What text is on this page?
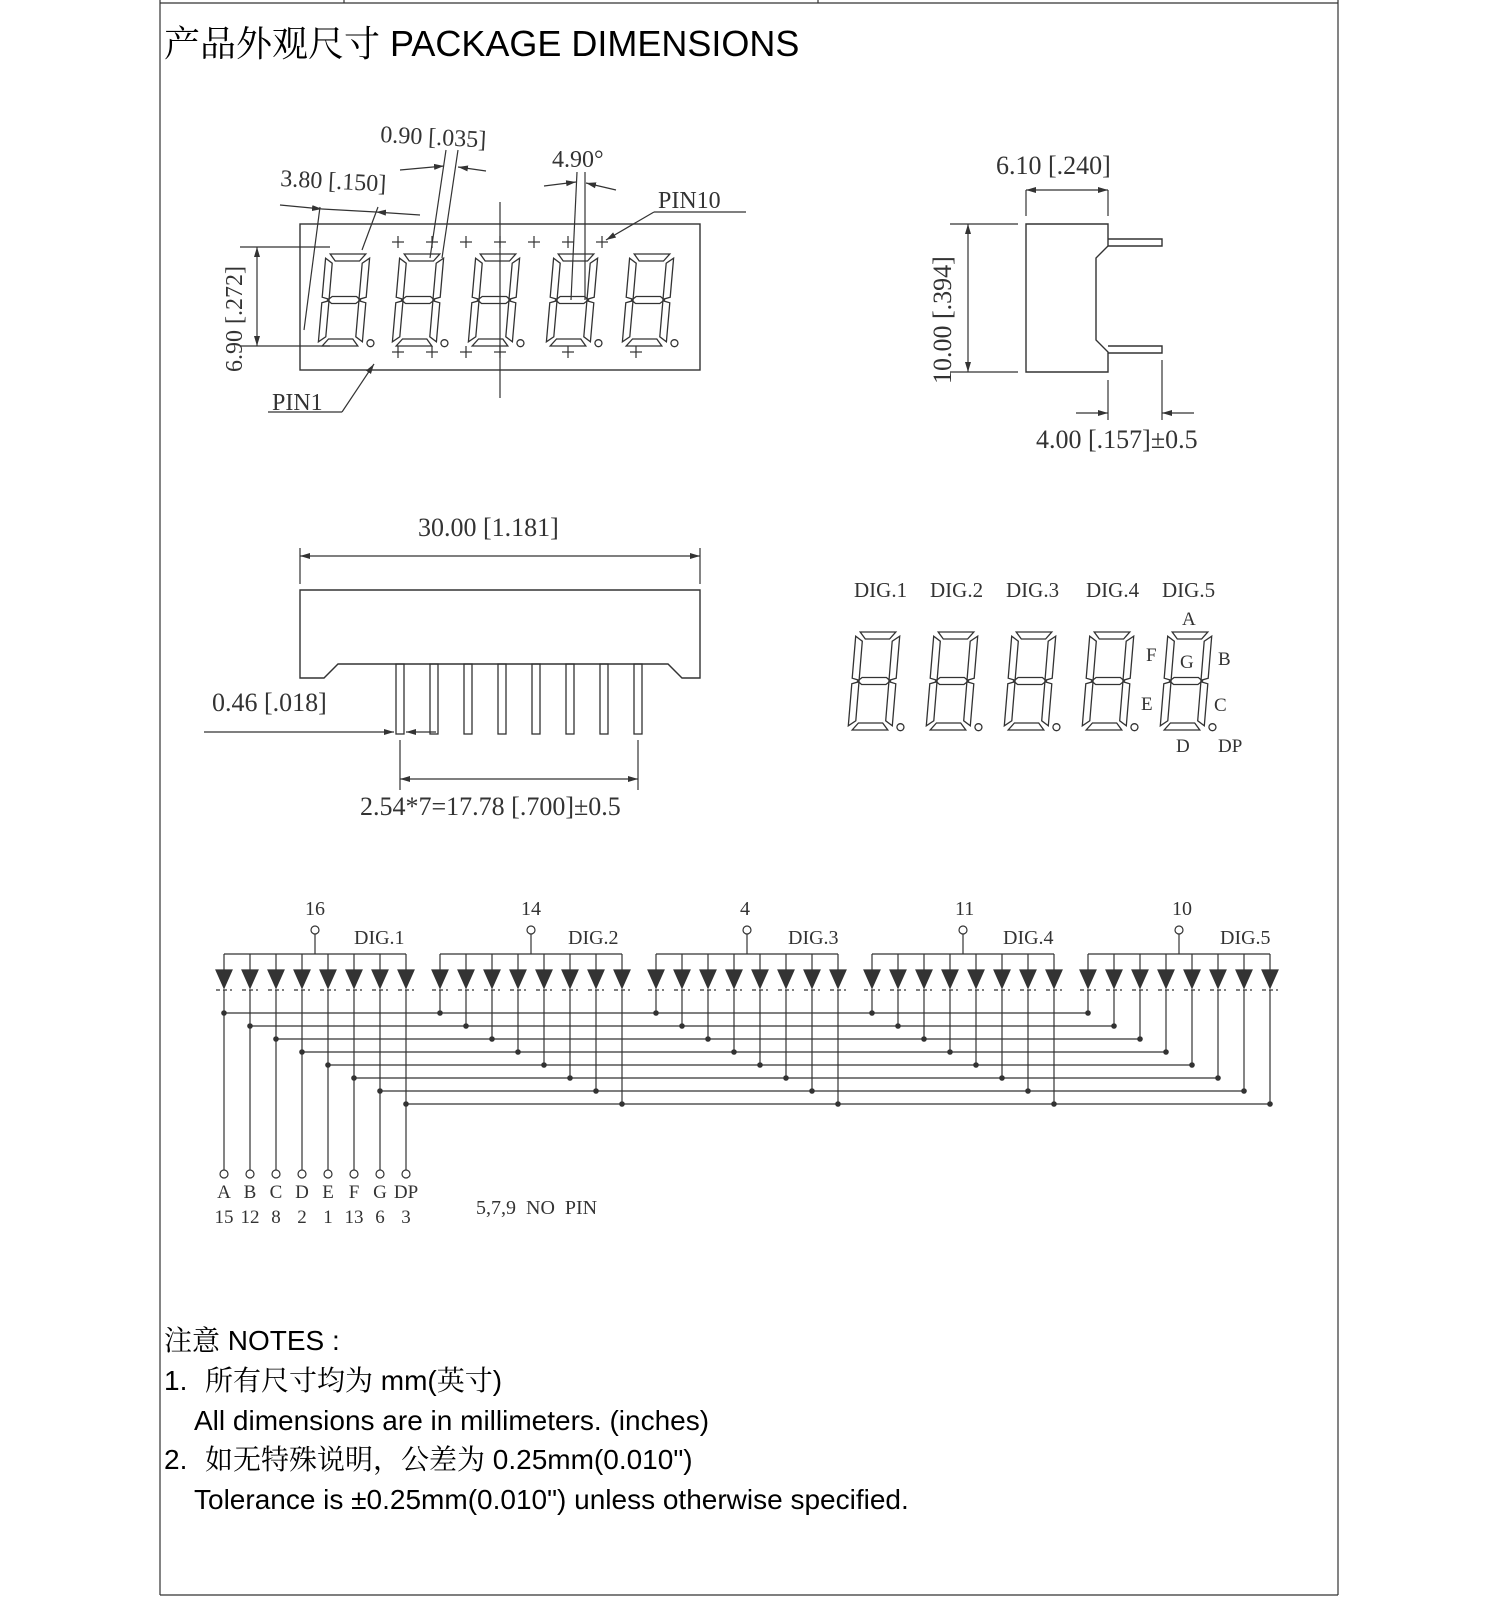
产品外观尺寸 PACKAGE DIMENSIONS
6.90 [.272]
3.80 [.150]
0.90 [.035]
4.90°
PIN10
PIN1
6.10 [.240]
10.00 [.394]
4.00 [.157]±0.5
30.00 [1.181]
0.46 [.018]
2.54*7=17.78 [.700]±0.5
DIG.1 DIG.2 DIG.3 DIG.4 DIG.5
A
B
C
D
E
F G
DP
16	14	4	11	10
DIG.1	DIG.2	DIG.3	DIG.4	DIG.5
A B C D E F G DP
15 12 8 2 1 13 6 3	5,7,9  NO  PIN
注意 NOTES :
1. 所有尺寸均为 mm(英寸)
All dimensions are in millimeters. (inches)
2. 如无特殊说明，公差为 0.25mm(0.010")
Tolerance is ±0.25mm(0.010") unless otherwise specified.
